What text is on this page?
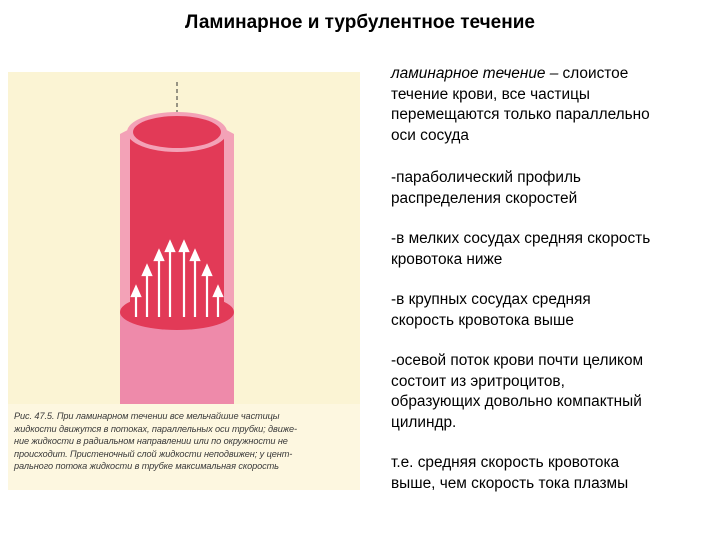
Ламинарное и турбулентное течение
Рис. 47.5. При ламинарном течении все мельчайшие частицы
жидкости движутся в потоках, параллельных оси трубки; движе-
ние жидкости в радиальном направлении или по окружности не
происходит. Пристеночный слой жидкости неподвижен; у цент-
рального потока жидкости в трубке максимальная скорость
ламинарное течение – слоистое
течение крови, все частицы
перемещаются только параллельно
оси сосуда
-параболический профиль
распределения скоростей
-в мелких сосудах средняя скорость
кровотока ниже
-в крупных сосудах средняя
скорость кровотока выше
-осевой поток крови почти целиком
состоит из эритроцитов,
образующих довольно компактный
цилиндр.
т.е. средняя скорость кровотока
выше, чем скорость тока плазмы
